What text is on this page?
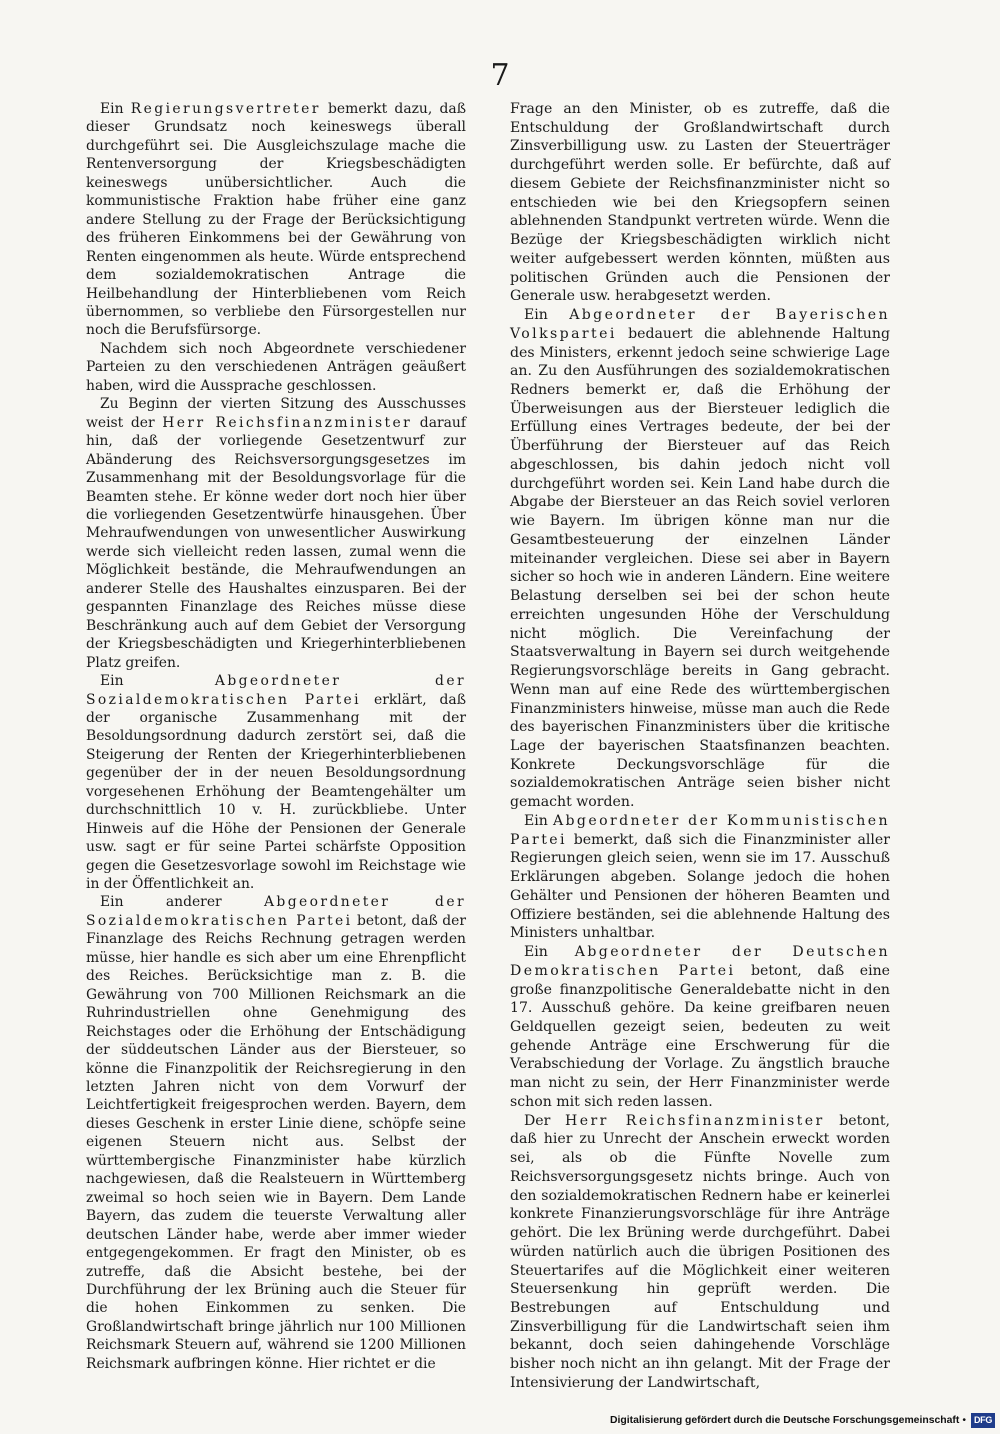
7

Ein Regierungsvertreter bemerkt dazu, daß dieser Grundsatz noch keineswegs überall durchgeführt sei. Die Ausgleichszulage mache die Rentenversorgung der Kriegsbeschädigten keineswegs unübersichtlicher. Auch die kommunistische Fraktion habe früher eine ganz andere Stellung zu der Frage der Berücksichtigung des früheren Einkommens bei der Gewährung von Renten eingenommen als heute. Würde entsprechend dem sozialdemokratischen Antrage die Heilbehandlung der Hinterbliebenen vom Reich übernommen, so verbliebe den Fürsorgestellen nur noch die Berufsfürsorge.

Nachdem sich noch Abgeordnete verschiedener Parteien zu den verschiedenen Anträgen geäußert haben, wird die Aussprache geschlossen.

Zu Beginn der vierten Sitzung des Ausschusses weist der Herr Reichsfinanzminister darauf hin, daß der vorliegende Gesetzentwurf zur Abänderung des Reichsversorgungsgesetzes im Zusammenhang mit der Besoldungsvorlage für die Beamten stehe. Er könne weder dort noch hier über die vorliegenden Gesetzentwürfe hinausgehen. Über Mehraufwendungen von unwesentlicher Auswirkung werde sich vielleicht reden lassen, zumal wenn die Möglichkeit bestände, die Mehraufwendungen an anderer Stelle des Haushaltes einzusparen. Bei der gespannten Finanzlage des Reiches müsse diese Beschränkung auch auf dem Gebiet der Versorgung der Kriegsbeschädigten und Kriegerhinterbliebenen Platz greifen.

Ein Abgeordneter der Sozialdemokratischen Partei erklärt, daß der organische Zusammenhang mit der Besoldungsordnung dadurch zerstört sei, daß die Steigerung der Renten der Kriegerhinterbliebenen gegenüber der in der neuen Besoldungsordnung vorgesehenen Erhöhung der Beamtengehälter um durchschnittlich 10 v. H. zurückbliebe. Unter Hinweis auf die Höhe der Pensionen der Generale usw. sagt er für seine Partei schärfste Opposition gegen die Gesetzesvorlage sowohl im Reichstage wie in der Öffentlichkeit an.

Ein anderer Abgeordneter der Sozialdemokratischen Partei betont, daß der Finanzlage des Reichs Rechnung getragen werden müsse, hier handle es sich aber um eine Ehrenpflicht des Reiches. Berücksichtige man z. B. die Gewährung von 700 Millionen Reichsmark an die Ruhrindustriellen ohne Genehmigung des Reichstages oder die Erhöhung der Entschädigung der süddeutschen Länder aus der Biersteuer, so könne die Finanzpolitik der Reichsregierung in den letzten Jahren nicht von dem Vorwurf der Leichtfertigkeit freigesprochen werden. Bayern, dem dieses Geschenk in erster Linie diene, schöpfe seine eigenen Steuern nicht aus. Selbst der württembergische Finanzminister habe kürzlich nachgewiesen, daß die Realsteuern in Württemberg zweimal so hoch seien wie in Bayern. Dem Lande Bayern, das zudem die teuerste Verwaltung aller deutschen Länder habe, werde aber immer wieder entgegengekommen. Er fragt den Minister, ob es zutreffe, daß die Absicht bestehe, bei der Durchführung der lex Brüning auch die Steuer für die hohen Einkommen zu senken. Die Großlandwirtschaft bringe jährlich nur 100 Millionen Reichsmark Steuern auf, während sie 1200 Millionen Reichsmark aufbringen könne. Hier richtet er die

Frage an den Minister, ob es zutreffe, daß die Entschuldung der Großlandwirtschaft durch Zinsverbilligung usw. zu Lasten der Steuerträger durchgeführt werden solle. Er befürchte, daß auf diesem Gebiete der Reichsfinanzminister nicht so entschieden wie bei den Kriegsopfern seinen ablehnenden Standpunkt vertreten würde. Wenn die Bezüge der Kriegsbeschädigten wirklich nicht weiter aufgebessert werden könnten, müßten aus politischen Gründen auch die Pensionen der Generale usw. herabgesetzt werden.

Ein Abgeordneter der Bayerischen Volkspartei bedauert die ablehnende Haltung des Ministers, erkennt jedoch seine schwierige Lage an. Zu den Ausführungen des sozialdemokratischen Redners bemerkt er, daß die Erhöhung der Überweisungen aus der Biersteuer lediglich die Erfüllung eines Vertrages bedeute, der bei der Überführung der Biersteuer auf das Reich abgeschlossen, bis dahin jedoch nicht voll durchgeführt worden sei. Kein Land habe durch die Abgabe der Biersteuer an das Reich soviel verloren wie Bayern. Im übrigen könne man nur die Gesamtbesteuerung der einzelnen Länder miteinander vergleichen. Diese sei aber in Bayern sicher so hoch wie in anderen Ländern. Eine weitere Belastung derselben sei bei der schon heute erreichten ungesunden Höhe der Verschuldung nicht möglich. Die Vereinfachung der Staatsverwaltung in Bayern sei durch weitgehende Regierungsvorschläge bereits in Gang gebracht. Wenn man auf eine Rede des württembergischen Finanzministers hinweise, müsse man auch die Rede des bayerischen Finanzministers über die kritische Lage der bayerischen Staatsfinanzen beachten. Konkrete Deckungsvorschläge für die sozialdemokratischen Anträge seien bisher nicht gemacht worden.

Ein Abgeordneter der Kommunistischen Partei bemerkt, daß sich die Finanzminister aller Regierungen gleich seien, wenn sie im 17. Ausschuß Erklärungen abgeben. Solange jedoch die hohen Gehälter und Pensionen der höheren Beamten und Offiziere beständen, sei die ablehnende Haltung des Ministers unhaltbar.

Ein Abgeordneter der Deutschen Demokratischen Partei betont, daß eine große finanzpolitische Generaldebatte nicht in den 17. Ausschuß gehöre. Da keine greifbaren neuen Geldquellen gezeigt seien, bedeuten zu weit gehende Anträge eine Erschwerung für die Verabschiedung der Vorlage. Zu ängstlich brauche man nicht zu sein, der Herr Finanzminister werde schon mit sich reden lassen.

Der Herr Reichsfinanzminister betont, daß hier zu Unrecht der Anschein erweckt worden sei, als ob die Fünfte Novelle zum Reichsversorgungsgesetz nichts bringe. Auch von den sozialdemokratischen Rednern habe er keinerlei konkrete Finanzierungsvorschläge für ihre Anträge gehört. Die lex Brüning werde durchgeführt. Dabei würden natürlich auch die übrigen Positionen des Steuertarifes auf die Möglichkeit einer weiteren Steuersenkung hin geprüft werden. Die Bestrebungen auf Entschuldung und Zinsverbilligung für die Landwirtschaft seien ihm bekannt, doch seien dahingehende Vorschläge bisher noch nicht an ihn gelangt. Mit der Frage der Intensivierung der Landwirtschaft,

Digitalisierung gefördert durch die Deutsche Forschungsgemeinschaft • DFG
